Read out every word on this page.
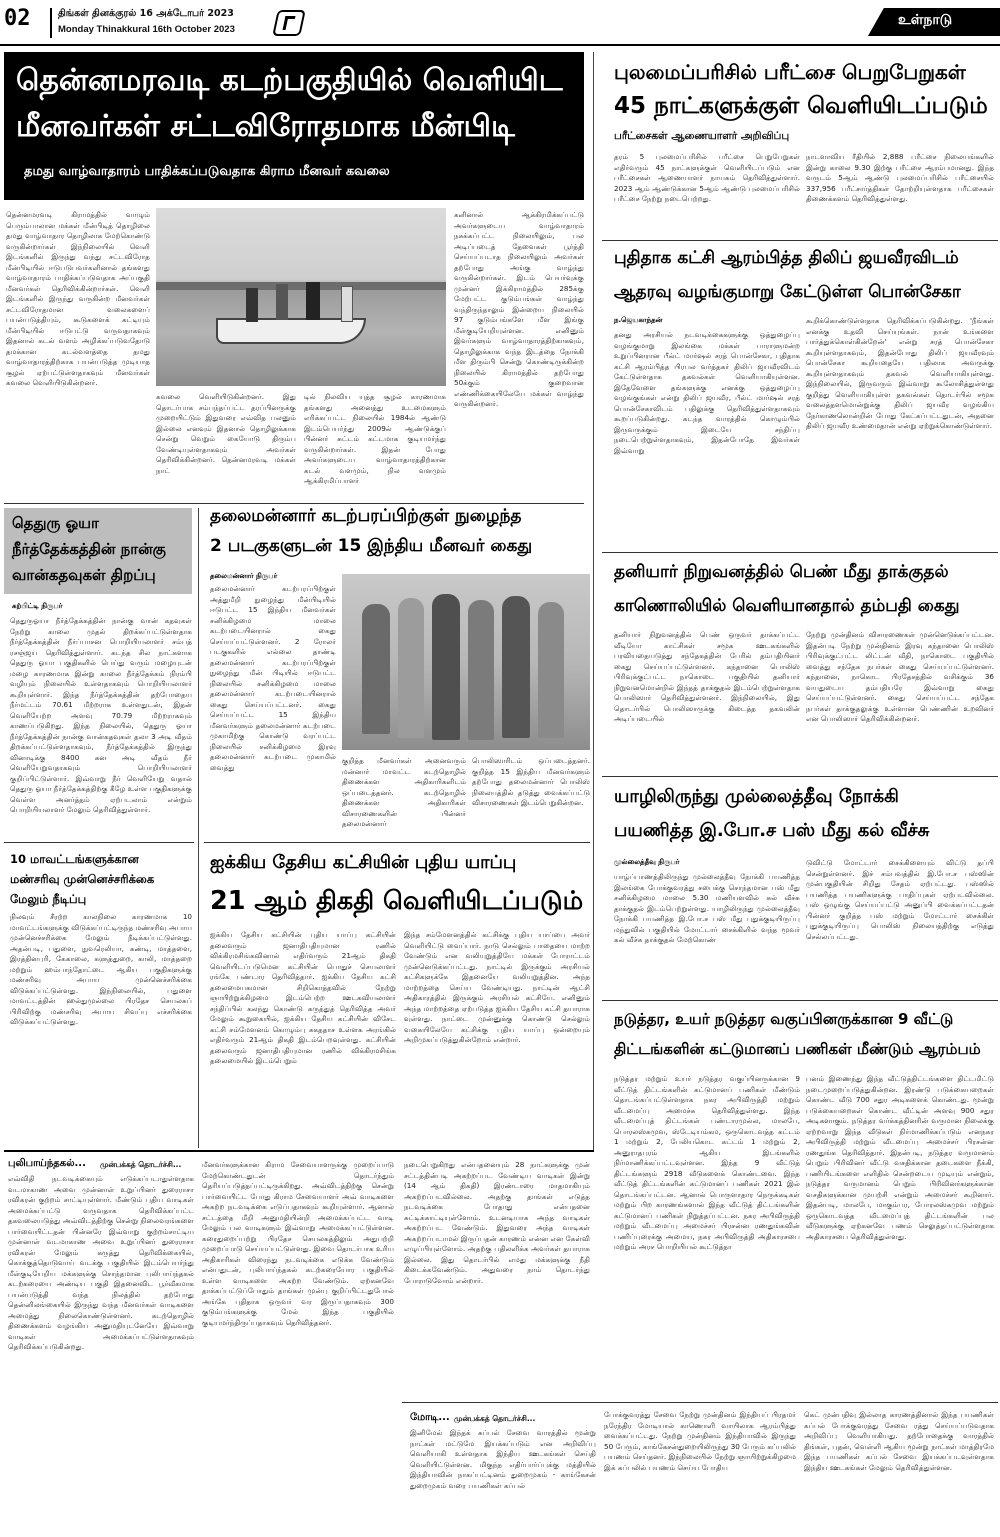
02	திங்கள் தினக்குரல் 16 அக்டோபர் 2023
Monday Thinakkural 16th October 2023
உள்நாடு
தென்னமரவடி கடற்பகுதியில் வெளியிட
மீனவர்கள் சட்டவிரோதமாக மீன்பிடி
தமது வாழ்வாதாரம் பாதிக்கப்படுவதாக கிராம மீனவர் கவலை
தென்னமரவடி கிராமத்தில் வாழும் பெரும்பாலான மக்கள் மீன்பிடித் தொழிலை தமது வாழ்வாதார தொழிலாக மேற்கொண்டு வருகின்றார்கள் இந்நிலையில் வெளி இடங்களில் இருந்து வந்து சட்டவிரோத மீன்பிடியில் ஈடுபடுபவர்களினால் தங்களது வாழ்வாதாரம் பாதிக்கப்படுவதாக அப்பகுதி மீனவர்கள் தெரிவிக்கின்றார்கள். வெளி இடங்களில் இருந்து வருகின்ற மீனவர்கள் சட்டவிரோதமான வலைகளைப் பயன்படுத்தியும், கூடுகளைக் கட்டியும் மீன்பிடியில் ஈடுபட்டு வருவதாகவும் இதனால் கடல் வளம் அழிக்கப்படுவதோடு தமக்கான கடல்வளத்தை தமது வாழ்வாதாரத்திற்காக பயன்படுத்த முடியாத சூழல் ஏற்பட்டுள்ளதாகவும் மீனவர்கள் கவலை வெளியிடுகின்றனர்.
கவலை வெளியிடுகின்றனர். இது தொடர்பாக சம்பந்தப்பட்ட தரப்பினருக்கு முறையிட்டும் இதுவரை எவ்வித பலனும் இல்லை எனவும் இதனால் தொழிலுக்காக சென்று வெறும் கையோடு திரும்ப வேண்டியுள்ளதாகவும் அவர்கள் தெரிவிக்கின்றனர். தென்னமரவடி மக்கள் நாட்
டில் நிலவிய யுத்த சூழல் காரணமாக தங்களது அனைத்து உடமைகளும் எரிக்கப்பட்ட நிலையில் 1984ல் ஆண்டு இடம்பெயர்ந்து 2009ல் ஆண்டுக்குப் பின்னர் சுட்டம் கட்டமாக குடியமர்ந்து வருகின்றார்கள். இதன் போது அவர்களுடைய வாழ்வாதாரத்திற்கான கடல் வளமும், நில வளமும் ஆக்கிரமிப்பாளர்
களினால் ஆக்கிரமிக்கப்பட்டு அவர்களுடைய வாழ்வாதாரம் நசுக்கப்பட்ட நிலையிலும், பல அடிப்படைத் தேவைகள் பூர்த்தி செய்யப்படாத நிலையிலும் அவர்கள் தற்போது அங்கு வாழ்ந்து வருகின்றார்கள். இடம் பெயர்வுக்கு முன்னர் இக்கிராமத்தில் 285க்கு மேற்பட்ட குடும்பங்கள் வாழ்ந்து வந்திருந்தாலும் இன்றைய நிலையில் 97 குடும்பங்களே மீள இங்கு மீள்குடியேறியுள்ளன. எனினும் இவர்களும் வாழ்வாதாரத்திற்காகவும், தொழிலுக்காக வந்த இடத்தை நோக்கி மீள திரும்பி சென்று கொண்டிருக்கின்ற நிலையில் கிராமத்தில் தற்போது 50க்கும் குறைவான எண்ணிக்கையிலேயே மக்கள் வாழ்ந்து வருகின்றனர்.
புலமைப்பரிசில் பரீட்சை பெறுபேறுகள்
45 நாட்களுக்குள் வெளியிடப்படும்
பரீட்சைகள் ஆணையாளர் அறிவிப்பு
தரம் 5 புலமைப்பரிசில் பரீட்சை பெறுபேறுகள் எதிர்வரும் 45 நாட்களுக்குள் வெளியிடப்படும் என பரீட்சைகள் ஆணையாளர் நாயகம் தெரிவித்துள்ளார். 2023 ஆம் ஆண்டுக்கான 5ஆம் ஆண்டு புலமைப்பரிசில் பரீட்சை நேற்று நடைபெற்றது.
நாடளாவிய ரீதியில் 2,888 பரீட்சை நிலையங்களில் இன்று காலை 9.30 இற்கு பரீட்சை ஆரம்பமானது. இந்த வருடம் 5ஆம் ஆண்டு புலமைப்பரிசில் பரீட்சையில் 337,956 பரீட்சார்த்திகள் தோற்றியுள்ளதாக பரீட்சைகள் திணைக்களம் தெரிவித்துள்ளது.
புதிதாக கட்சி ஆரம்பித்த திலிப் ஜயவீரவிடம்
ஆதரவு வழங்குமாறு கேட்டுள்ள பொன்சேகா
ந.ஜெயகாந்தன்
தனது அரசியல் நடவடிக்கைகளுக்கு ஒத்துழைப்பு வழங்குமாறு இலங்கை மக்கள் பாராளுமன்ற உறுப்பினரான பீல்ட் மார்ஷல் சரத் பொன்சேகா, புதிதாக கட்சி ஆரம்பித்த பிரபல வர்த்தகர் திலிப் ஜயவீரவிடம் கேட்டுள்ளதாக தகவல்கள் வெளியாகியுள்ளன. இதேவேளை தங்களுக்கு எனக்கு ஒத்துழைப்பு வழங்குங்கள் என்று திலிப் ஜயவீர, பீல்ட் மார்ஷல் சரத் பொன்சேகாவிடம் பதிலுக்கு தெரிவித்துள்ளதாகவும் கூறப்படுகின்றது. கடந்த வாரத்தில் கொழும்பில் இருவருக்கும் இடையே சந்திப்பு நடைபெற்றுள்ளதாகவும், இதன்போதே இவர்கள் இவ்வாறு
கூறிக்கொண்டுள்ளதாக தெரிவிக்கப்படுகின்றது. 'நீங்கள் எனக்கு உதவி செய்யுங்கள். நான் உங்களை பார்த்துக்கொள்கின்றேன்' என்று சரத் பொன்சேகா கூறியுள்ளதாகவும், இதன்போது திலிப் ஜயவீரவும் பொன்சேகா கூறியதையே பதிலாக அவருக்கு கூறியுள்ளதாகவும் தகவல் வெளியாகியுள்ளது. இந்நிலையில், இருவரும் இவ்வாறு கூலோசித்துள்ளது குறித்து வெளியாகியுள்ள தகவல்கள் தொடர்பில் சமூக வலைத்தளமொன்றுக்கு திலிப் ஜயவீர வழங்கிய நேர்காணலொன்றின் போது கேட்கப்பட்டதுடன், அதனை திலிப் ஜயவீர உண்மைதான் என்று ஏற்றுக்கொண்டுள்ளார்.
தனியார் நிறுவனத்தில் பெண் மீது தாக்குதல்
காணொலியில் வெளியானதால் தம்பதி கைது
தனியார் நிறுவனத்தில் பெண் ஒருவர் தாக்கப்பட்ட வீடியோ காட்சிகள் சமூக ஊடகங்களில் பரவியதையடுத்து சந்தேகத்தின் பேரில் தம்பதியினர் கைது செய்யப்பட்டுள்ளனர். கந்தானை பொலிஸ் பிரிவுக்குட்பட்ட நாகொடை பகுதியில் தனியார் நிறுவனமொன்றில் இந்தத் தாக்குதல் இடம்பெற்றுள்ளதாக பொலிஸார் தெரிவித்துள்ளனர். இந்நிலையில், இது தொடர்பில் பொலிஸாருக்கு கிடைத்த தகவலின் அடிப்படையில்
நேற்று முன்தினம் விசாரணைகள் முன்னெடுக்கப்பட்டன. இதன்படி நேற்று முன்தினம் இரவு கந்தானை பொலிஸ் பிரிவுக்குட்பட்ட லிட்டன் வீதி, நாகொடை பகுதியில் வைத்து சந்தேக நபர்கள் கைது செய்யப்பட்டுள்ளனர். கந்தானை, நாகொட பிரதேசத்தில் வசிக்கும் 36 வயதுடைய தம்பதியரே இவ்வாறு கைது செய்யப்பட்டுள்ளனர். கைது செய்யப்பட்ட சந்தேக நபர்கள் தாக்குதலுக்கு உள்ளான பெண்ணின் உறவினர் என பொலிஸார் தெரிவிக்கின்றனர்.
யாழிலிருந்து முல்லைத்தீவு நோக்கி
பயணித்த இ.போ.ச பஸ் மீது கல் வீச்சு
முல்லைத்தீவு நிருபர்
யாழ்ப்பாணத்திலிருந்து முல்லைத்தீவு நோக்கி பயணித்த இலங்கை போக்குவரத்து சபைக்கு சொந்தமான பஸ் மீது சனிக்கிழமை மாலை 5.30 மணியளவில் கல் வீச்சு தாக்குதல் இடம்பெற்றுள்ளது. யாழிலிருந்து முல்லைத்தீவு நோக்கி பயணித்த இ.போ.ச பஸ் மீது புதுக்குடியிருப்பு மந்துவில் பகுதியில் மோட்டார் சைக்கிளில் வந்த மூவர் கல் வீச்சு தாக்குதல் மேற்கொண்
டுவிட்டு மோட்டார் சைக்கிளையும் விட்டு தப்பி சென்றுள்ளனர். இச் சம்பவத்தில் இ.போ.ச பஸ்ஸின் முன்பகுதியின் சிறிது சேதம் ஏற்பட்டது. பஸ்ஸில் பயணித்த பயணிகளுக்கு பாதிப்புகள் ஏற்படவில்லை. பஸ் ஒழுங்கு செய்யப்பட்டு அனுப்பி வைக்கப்பட்டதன் பின்னர் குறித்த பஸ் மற்றும் மோட்டார் சைக்கிள் புதுக்குடியிருப்பு பொலிஸ் நிலையத்திற்கு எடுத்து செல்லப்பட்டது.
நடுத்தர, உயர் நடுத்தர வகுப்பினருக்கான 9 வீட்டு
திட்டங்களின் கட்டுமானப் பணிகள் மீண்டும் ஆரம்பம்
நடுத்தர மற்றும் உயர் நடுத்தர வகுப்பினருக்கான 9 வீட்டுத் திட்டங்களின் கட்டுமானப் பணிகள் மீண்டும் தொடங்கப்பட்டுள்ளதாக நகர அபிவிருத்தி மற்றும் வீடமைப்பு அமைச்சு தெரிவித்துள்ளது. இந்த வீடமைப்புத் திட்டங்கள் பண்டாரமுல்ல, மாலபே, பொரலஸ்கமுவ, ஸ்டேடியம்கம, ஒருகொடவத்த கட்டம் 1 மற்றும் 2, பேலியகொட கட்டம் 1 மற்றும் 2, அனுராதபுரம் ஆகிய இடங்களில் நிர்மாணிக்கப்பட்டவுள்ளன. இந்த 9 வீட்டுத் திட்டங்களும் 2918 வீடுகளைக் கொண்டவை. இந்த வீட்டுத் திட்டங்களின் கட்டுமானப் பணிகள் 2021 இல் தொடங்கப்பட்டன. ஆனால் பொருளாதார நெருக்கடிகள் மற்றும் பிற காரணங்களால் இந்த வீட்டுத் திட்டங்களின் கட்டுமானப் பணிகள் நிறுத்தப்பட்டன. நகர அபிவிருத்தி மற்றும் வீடமைப்பு அமைச்சர் பிரசன்ன ரணதுங்கவின் பணிப்புரைக்கு அமைய, நகர அபிவிருத்தி அதிகாரசபை மற்றும் அரச பொறியியல் கூட்டுத்தா
பனம் இணைந்து இந்த வீட்டுத்திட்டங்களை திட்டமிட்டு நடைமுறைப்படுத்துகின்றன. இரண்டு படுக்கையறைகள் கொண்ட வீடு 700 சதுர அடிகளைக் கொண்டது. மூன்று படுக்கையறைகள் கொண்ட வீட்டின் அளவு 900 சதுர அடிகளாகும். நடுத்தர வர்க்கத்தினரின் வருமான நிலைக்கு ஏற்றவாறு இந்த வீடுகள் நிர்மாணிக்கப்படும் எனநகர அபிவிருத்தி மற்றும் வீடமைப்பு அமைச்சர் பிரசன்ன ரணதுங்க தெரிவித்தார். இதன்படி, நடுத்தர வருமானம் பெறும் பிரிவினர் வீட்டு வசதிக்கான தடைகளை நீக்கி, பணியிடங்களை எளிதில் சென்றடைய முடியும் என்றும், நடுத்தர வருமானம் பெறும் பிரிவினர்களுக்கான வசதிகளுக்கான முயற்சி என்றும் அமைச்சர் கூறினார். இதன்படி, மாலபே, மாகும்பர, போரலஸ்கமுவ மற்றும் ஒருகொடவத்த வீடமைப்புத் திட்டங்களின் பல வீடுகளுக்கு ஏற்கனவே பணம் செலுத்தப்பட்டுள்ளதாக அதிகாரசபை தெரிவித்துள்ளது.
தெதுரு ஓயா
நீர்த்தேக்கத்தின் நான்கு
வான்கதவுகள் திறப்பு
கற்பிட்டி நிருபர்
தெதுருஓயா நீர்த்தேக்கத்தின் நான்கு வான் கதவுகள் நேற்று காலை முதல் திறக்கப்பட்டுள்ளதாக நீர்த்தேக்கத்தின் நீர்ப்பாசன பொறியியலாளர் சம்பத் ரசஞ்ஜய தெரிவித்துள்ளார். கடந்த சில நாட்களாக தெதுரு ஓயா பகுதிகளில் பெய்து வரும் மழையுடன் மழை காரணமாக இன்று காலை நீர்த்தேக்கம் நிரம்பி வழியும் நிலையில் உள்ளதாகவும் பொறியியலாளர் கூறியுள்ளார். இந்த நீர்த்தேக்கத்தின் தற்போதைய நீர்மட்டம் 70.61 மீற்றராக உள்ளதுடன், இதன் வெளியேற்ற அளவு 70.79 மீற்றராகவும் காணப்படுகிறது. இந்த நிலையில், தெதுரு ஓயா நீர்த்தேக்கத்தின் நான்கு வான்கதவுகள் தலா 3 அடி வீதம் திறக்கப்பட்டுள்ளதாகவும், நீர்த்தேக்கத்தில் இருந்து வினாடிக்கு 8400 கன அடி வீதம் நீர் வெளியேறுவதாகவும் பொறியியலாளர் குறிப்பிட்டுள்ளார். இவ்வாறு நீர் வெளியேறு வதால் தெதுரு ஓயா நீர்த்தேக்கத்திற்கு கீழே உள்ள பகுதிகளுக்கு வெள்ள அனர்த்தம் ஏற்படலாம் என்றும் பொறியியலாளர் மேலும் தெரிவித்துள்ளார்.
10 மாவட்டங்களுக்கான
மண்சரிவு முன்னெச்சரிக்கை
மேலும் நீடிப்பு
நிலவும் சீரற்ற காலநிலை காரணமாக 10 மாவட்டங்களுக்கு விடுக்கப்பட்டிருந்த மண்சரிவு அபாய முன்னெச்சரிக்கை மேலும் நீடிக்கப்பட்டுள்ளது. அதன்படி, பதுளை, நுவரெலியா, கண்டி, மாத்தளை, இரத்தினபுரி, கேகாலை, களுத்துறை, காலி, மாத்தறை மற்றும் ஹம்பாந்தோட்டை ஆகிய பகுதிகளுக்கு மண்சரிவு அபாய முன்னெச்சரிக்கை விடுக்கப்பட்டுள்ளது. இந்நிலையில், பதுளை மாவட்டத்தின் ஹல்துமுல்லை பிரதேச செயலகப் பிரிவிற்கு மண்சரிவு அபாய சிவப்பு எச்சரிக்கை விடுக்கப்பட்டுள்ளது.
தலைமன்னார் கடற்பரப்பிற்குள் நுழைந்த
2 படகுகளுடன் 15 இந்திய மீனவர் கைது
தலைமன்னார் நிருபர்
தலைமன்னார் கடற்பரப்பிற்குள் அத்துமீறி நுழைந்து மீன்பிடியில் ஈடுபட்ட 15 இந்திய மீனவர்கள் சனிக்கிழமை மாலை கடற்படையினரால் கைது செய்யப்பட்டுள்ளனர். 2 ரோலர் படகுகளில் எல்லை தாண்டி தலைமன்னார் கடற்பரப்பிற்குள் நுழைந்து மீன் பிடியில் ஈடுபட்ட நிலையில் சனிக்கிழமை மாலை தலைமன்னார் கடற்படையினரால் கைது செய்யப்பட்டனர். கைது செய்யப்பட்ட 15 இந்திய மீனவர்களும் தலைமன்னார் கடற்படை முகாமிற்கு கொண்டு வரப்பட்ட நிலையில் சனிக்கிழமை இரவு தலைமன்னார் கடற்படை முகாமில் வைத்து
குறித்த மீனவர்கள் அனைவரும் மன்னார் மாவட்ட கடற்தொழில் திணைக்கள அதிகாரிகளிடம் ஒப்படைத்தனர். கடற்தொழில் திணைக்கள அதிகாரிகள் விசாரணைகளின் பின்னர் தலைமன்னார்
பொலிஸாரிடம் ஒப்படைத்தனர். குறித்த 15 இந்திய மீனவர்களும் தற்போது தலைமன்னார் பொலிஸ் நிலையத்தில் தடுத்து வைக்கப்பட்டு விசாரணைகள் இடம்பெறுகின்றன.
ஐக்கிய தேசிய கட்சியின் புதிய யாப்பு
21 ஆம் திகதி வெளியிடப்படும்
ஐக்கிய தேசிய கட்சியின் புதிய யாப்பு கட்சியின் தலைவரும் ஜனாதிபதியுமான ரணில் விக்கிரமசிங்கவினால் எதிர்வரும் 21ஆம் திகதி வெளியிடப்படுமென கட்சியின் பொதுச் செயலாளர் ரங்கே பண்டார தெரிவித்தார். ஐக்கிய தேசிய கட்சி தலைமையகமான சிறிகொத்தவில் நேற்று ஞாயிற்றுக்கிழமை இடம்பெற்ற ஊடகவியலாளர் சந்திப்பில் கலந்து கொண்டு கருத்துத் தெரிவித்த அவர் மேலும் கூறுகையில், ஐக்கிய தேசிய கட்சியின் விசேட கட்சி சம்மேளனம் கொழும்பு சுகததாச உள்ளக அரங்கில் எதிர்வரும் 21ஆம் திகதி இடம்பெறவுள்ளது. கட்சியின் தலைவரும் ஜனாதிபதியுமான ரணில் விக்கிரமசிங்க தலைமையில் இடம்பெறும்
இந்த சம்மேளனத்தில் கட்சிக்கு புதிய யாப்பை அவர் வெளியிட்டு வைப்பார். நாடு செல்லும் பாதையை மாற்ற வேண்டும் என வலியுறுத்தியே மக்கள் போராட்டம் முன்னெடுக்கப்பட்டது. நாட்டில் இருக்கும் அரசியல் கட்சிகளுக்கே இதனையே வலியுறுத்தின. அந்த மாற்றத்தை செய்ய வேண்டியது. நாட்டின் ஆட்சி அதிகாரத்தில் இருக்கும் அரசியல் கட்சியே. எனினும் அந்த மாற்றத்தை ஏற்படுத்த ஐக்கிய தேசிய கட்சி தயாராக வுள்ளது. நாட்டை முன்னுக்கு கொண்டு செல்லும் வகையிலேயே கட்சிக்கு புதிய யாப்பு ஒன்றையும் அறிமுகப்படுத்துகின்றோம் என்றார்.
புலிபாய்ந்தகல்... முன்பக்கத் தொடர்ச்சி...
எவ்விதி நடவடிக்கையும் எடுக்கப்படாதுள்ளதாக வடமாகாண அவை முன்னாள் உறுப்பினர் துரைராசா ரவிகரன் குற்றம் சாட்டியுள்ளார். மீண்டும் புதிய வாடிகள் அமைக்கப்பட்டு வருவதாக தெரிவிக்கப்பட்ட தகவலையடுத்து அவ்விடத்திற்கு சென்று நிலைவரங்களை பார்வையிட்டதன் பின்னரே இவ்வாறு குற்றம்சாட்டிய முன்னாள் வடமாகாண அவை உறுப்பினர் துரைராசா ரவிகரன் மேலும் கருத்து தெரிவிக்கையில், கொக்குத்தொடுவாய் வடக்கு பகுதியில் இடம்பெயர்ந்து மீள்குடியேறிய மக்களுக்கு சொந்தமான புலிபாய்ந்தகல் கடற்கரையை அண்டிய பகுதி இதனைவிட பூர்வீகமாக பயன்படுத்தி வந்த நிலத்தில் தற்போது தென்னிலங்கையில் இருந்து வந்த மீனவர்கள் வாடிகளை அமைத்து நிலைகொண்டுள்ளனர். கடற்தொழில் திணைக்களம் வழங்கிய அனுமதியுடனேயே இவ்வாறு வாடிகள் அமைக்கப்பட்டுள்ளதாகவும் தெரிவிக்கப்படுகின்றது.
மீனவர்களுக்கான கிராம சேவையாளருக்கு முறைப்பாடு மேற்கொண்டதுடன் தொடர்ந்தும் தெரியப்படுத்தப்பட்டிருக்கிறது. அவ்விடத்திற்கு சென்று பார்வையிட்ட போது கிராம சேவையாளர் அவ் வாடிகளை அகற்ற நடவடிக்கை எடுப்பதாகவும் கூறியுள்ளார். ஆனால் சட்டத்தை மீறி அனுமதியின்றி அமைக்கப்பட்ட வாடி மேலும் பல வாடிகளும் இவ்வாறு அமைக்கப்பட்டுள்ளன. கரைதுறைப்பற்று பிரதேச செயலகத்திலும் அதுபற்றி முறைப்பாடு செய்யப்பட்டுள்ளது. இவை தொடர்பாக உரிய அதிகாரிகள் விரைந்து நடவடிக்கை எடுக்க வேண்டும் என்பதுடன், புலிபாய்ந்தகல் கடற்கரையோர பகுதியில் உள்ள வாடிகளை அகற்ற வேண்டும். ஏற்கனவே தாக்கப்பட்டுப்போதும் தாங்கள் முன்பு குறிப்பிட்டதுபோல் அங்கே புதிதாக ஒருவர் வர இருப்பதாகவும் 300 குடும்பங்களுக்கு மேல் இந்த பகுதியில் குடியமர்ந்திருப்பதாகவும் தெரிவித்தனர்.
நடைபெறுகிறது என்பதனையும் 28 நாட்களுக்கு முன் சட்டத்தின்படி அகற்றப்பட வேண்டிய வாடிகள் இன்று (14 ஆம் திகதி) இரண்டாரை மாதமாகியும் அகற்றப்படவில்லை. அதற்கு தாங்கள் எடுத்த நடவடிக்கை போதாது என்பதனை சுட்டிக்காட்டியுள்ளோம். உடனடியாக அந்த வாடிகள் அகற்றப்பட வேண்டும். இதுவரை அந்த வாடிகள் அகற்றப்படாமல் இருப்பதன் காரணம் என்ன என கேள்வி எழுப்பியுள்ளோம். அதற்கு பதிலளிக்க அவர்கள் தயாராக இல்லை. இது தொடர்பில் எமது மக்களுக்கு நீதி கிடைக்கவேண்டும். அதுவரை நாம் தொடர்ந்து போராடுவோம் என்றார்.
மோடி... முன்பக்கத் தொடர்ச்சி...
இனிமேல் இந்தக் கப்பல் சேவை வாரத்தில் மூன்று நாட்கள் மட்டுமே இயக்கப்படும் என அறிவிப்பு வெளியாகி உள்ளதாக இந்திய ஊடகங்கள் செய்தி வெளியிட்டுள்ளன. மிகுந்த எதிர்பார்ப்புக்கு மத்தியில் இந்தியாவின் நாகப்பட்டினம் துறைமுகம் - காங்கேசன் துறைமுகம் வரை பயணிகள் கப்பல்
போக்குவரத்து சேவை நேற்று முன்தினம் இந்தியப் பிரதமர் நரேந்திர மோடியால் காணொளி வாயிலாக ஆரம்பித்து வைக்கப்பட்டது. நேற்று முன்தினம் இந்தியாவில் இருந்து 50 பேரும், காங்கேசன்துறையிலிருந்து 30 பேரும் கப்பலில் பயணம் செய்தனர். இந்நிலையில் நேற்று ஞாயிற்றுக்கிழமை இக் கப்பலில் பயணம் செய்ய போதிய
கெட் முன்பதிவு இல்லாத காரணத்தினால் இந்த பயணிகள் கப்பல் போக்குவரத்து சேவை ரத்து செய்யப்படுவதாக அறிவிப்பு வெளியாகியது. தற்போதைக்கு வாரத்தில் திங்கள், புதன், வெள்ளி ஆகிய மூன்று நாட்கள் மாத்திரமே இந்த பயணிகள் கப்பல் சேவை இயக்கப்படவுள்ளதாக இந்திய ஊடகங்கள் மேலும் தெரிவித்துள்ளன.
